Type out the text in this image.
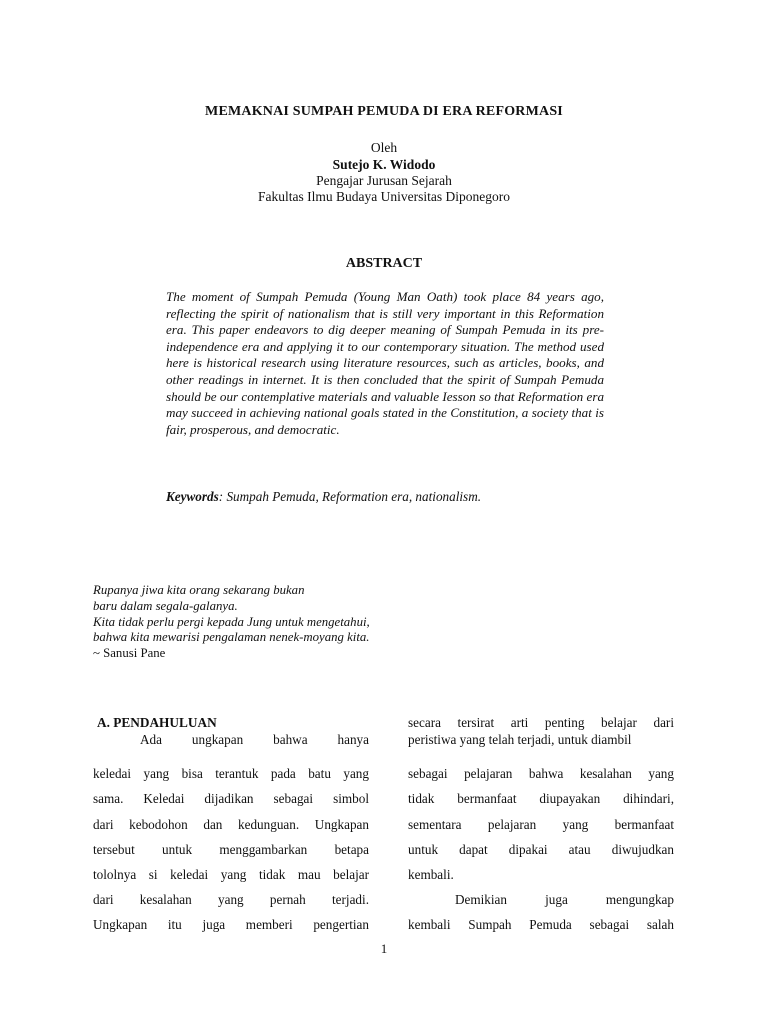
MEMAKNAI SUMPAH PEMUDA DI ERA REFORMASI
Oleh
Sutejo K. Widodo
Pengajar Jurusan Sejarah
Fakultas Ilmu Budaya Universitas Diponegoro
ABSTRACT

The moment of Sumpah Pemuda (Young Man Oath) took place 84 years ago, reflecting the spirit of nationalism that is still very important in this Reformation era. This paper endeavors to dig deeper meaning of Sumpah Pemuda in its pre-independence era and applying it to our contemporary situation. The method used here is historical research using literature resources, such as articles, books, and other readings in internet. It is then concluded that the spirit of Sumpah Pemuda should be our contemplative materials and valuable Iesson so that Reformation era may succeed in achieving national goals stated in the Constitution, a society that is fair, prosperous, and democratic.

Keywords: Sumpah Pemuda, Reformation era, nationalism.

Rupanya jiwa kita orang sekarang bukan
baru dalam segala-galanya.
Kita tidak perlu pergi kepada Jung untuk mengetahui,
bahwa kita mewarisi pengalaman nenek-moyang kita.
~ Sanusi Pane
A. PENDAHULUAN
Ada ungkapan bahwa hanya
keledai yang bisa terantuk pada batu yang
sama. Keledai dijadikan sebagai simbol
dari kebodohon dan kedunguan. Ungkapan
tersebut untuk menggambarkan betapa
tololnya si keledai yang tidak mau belajar
dari kesalahan yang pernah terjadi.
Ungkapan itu juga memberi pengertian
secara tersirat arti penting belajar dari
peristiwa yang telah terjadi, untuk diambil
sebagai pelajaran bahwa kesalahan yang
tidak bermanfaat diupayakan dihindari,
sementara pelajaran yang bermanfaat
untuk dapat dipakai atau diwujudkan
kembali.
Demikian juga mengungkap
kembali Sumpah Pemuda sebagai salah
1
